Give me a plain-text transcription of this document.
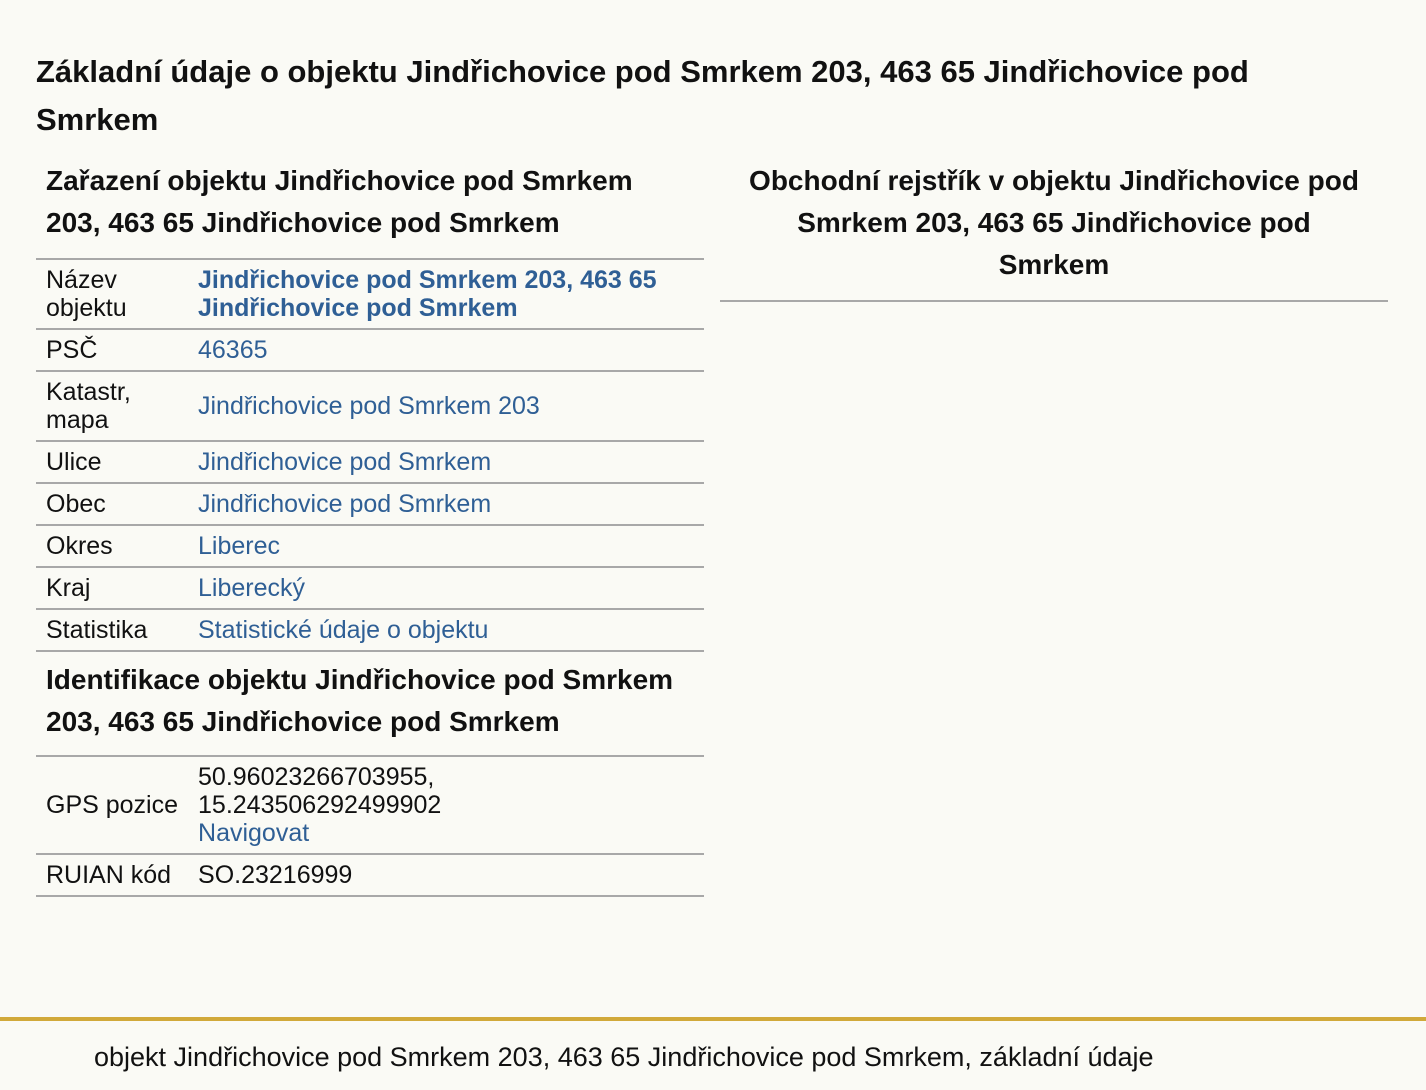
Základní údaje o objektu Jindřichovice pod Smrkem 203, 463 65 Jindřichovice pod Smrkem
Zařazení objektu Jindřichovice pod Smrkem 203, 463 65 Jindřichovice pod Smrkem
Název objektu	Jindřichovice pod Smrkem 203, 463 65 Jindřichovice pod Smrkem
PSČ	46365
Katastr, mapa	Jindřichovice pod Smrkem 203
Ulice	Jindřichovice pod Smrkem
Obec	Jindřichovice pod Smrkem
Okres	Liberec
Kraj	Liberecký
Statistika	Statistické údaje o objektu
Identifikace objektu Jindřichovice pod Smrkem 203, 463 65 Jindřichovice pod Smrkem
GPS pozice	50.96023266703955,
15.243506292499902
Navigovat

RUIAN kód	SO.23216999
Obchodní rejstřík v objektu Jindřichovice pod Smrkem 203, 463 65 Jindřichovice pod Smrkem
objekt Jindřichovice pod Smrkem 203, 463 65 Jindřichovice pod Smrkem, základní údaje
